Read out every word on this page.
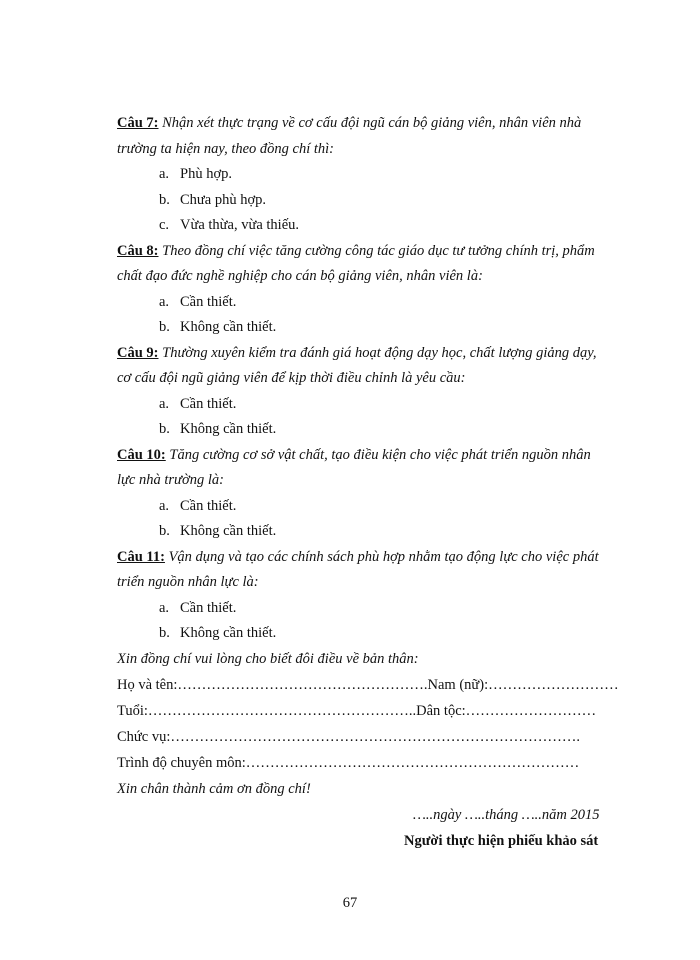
Câu 7: Nhận xét thực trạng về cơ cấu đội ngũ cán bộ giảng viên, nhân viên nhà
trường ta hiện nay, theo đồng chí thì:
a. Phù hợp.
b. Chưa phù hợp.
c. Vừa thừa, vừa thiếu.
Câu 8: Theo đồng chí việc tăng cường công tác giáo dục tư tưởng chính trị, phẩm
chất đạo đức nghề nghiệp cho cán bộ giảng viên, nhân viên là:
a. Cần thiết.
b. Không cần thiết.
Câu 9: Thường xuyên kiểm tra đánh giá hoạt động dạy học, chất lượng giảng dạy,
cơ cấu đội ngũ giảng viên để kịp thời điều chỉnh là yêu cầu:
a. Cần thiết.
b. Không cần thiết.
Câu 10: Tăng cường cơ sở vật chất, tạo điều kiện cho việc phát triển nguồn nhân
lực nhà trường là:
a. Cần thiết.
b. Không cần thiết.
Câu 11: Vận dụng và tạo các chính sách phù hợp nhằm tạo động lực cho việc phát
triển nguồn nhân lực là:
a. Cần thiết.
b. Không cần thiết.
Xin đồng chí vui lòng cho biết đôi điều về bản thân:
Họ và tên:…………………………………………….Nam (nữ):………………………
Tuổi:………………………………………………..Dân tộc:………………………
Chức vụ:………………………………………………………………………….
Trình độ chuyên môn:……………………………………………………………
Xin chân thành cảm ơn đồng chí!
…..ngày …..tháng …..năm 2015
Người thực hiện phiếu khảo sát
67
